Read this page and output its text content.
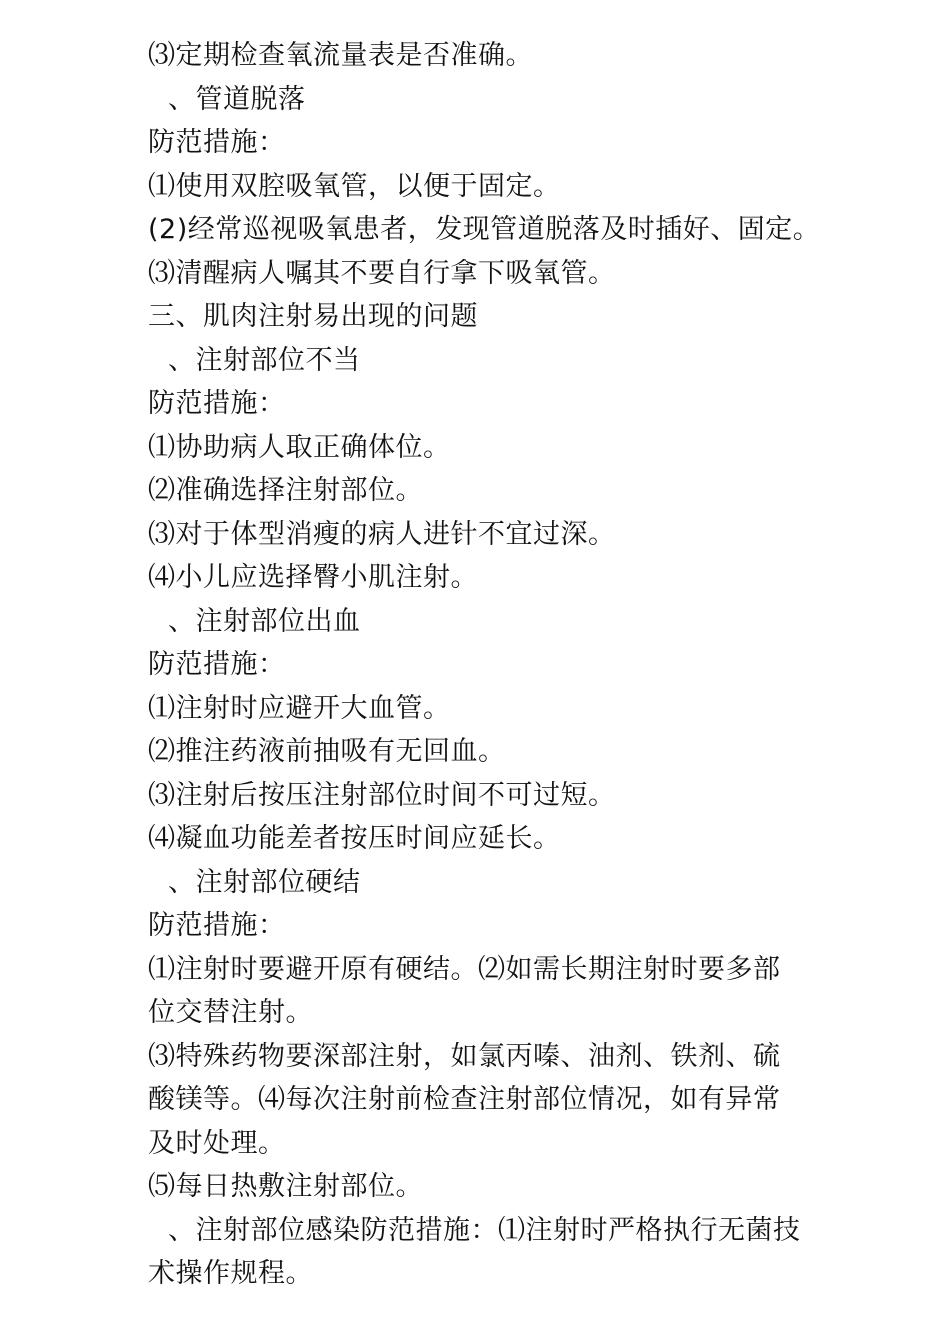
⑶定期检查氧流量表是否准确。
、管道脱落
防范措施：
⑴使用双腔吸氧管，以便于固定。
(2)经常巡视吸氧患者，发现管道脱落及时插好、固定。
⑶清醒病人嘱其不要自行拿下吸氧管。
三、肌肉注射易出现的问题
、注射部位不当
防范措施：
⑴协助病人取正确体位。
⑵准确选择注射部位。
⑶对于体型消瘦的病人进针不宜过深。
⑷小儿应选择臀小肌注射。
、注射部位出血
防范措施：
⑴注射时应避开大血管。
⑵推注药液前抽吸有无回血。
⑶注射后按压注射部位时间不可过短。
⑷凝血功能差者按压时间应延长。
、注射部位硬结
防范措施：
⑴注射时要避开原有硬结。⑵如需长期注射时要多部
位交替注射。
⑶特殊药物要深部注射，如氯丙嗪、油剂、铁剂、硫
酸镁等。⑷每次注射前检查注射部位情况，如有异常
及时处理。
⑸每日热敷注射部位。
、注射部位感染防范措施：⑴注射时严格执行无菌技
术操作规程。
